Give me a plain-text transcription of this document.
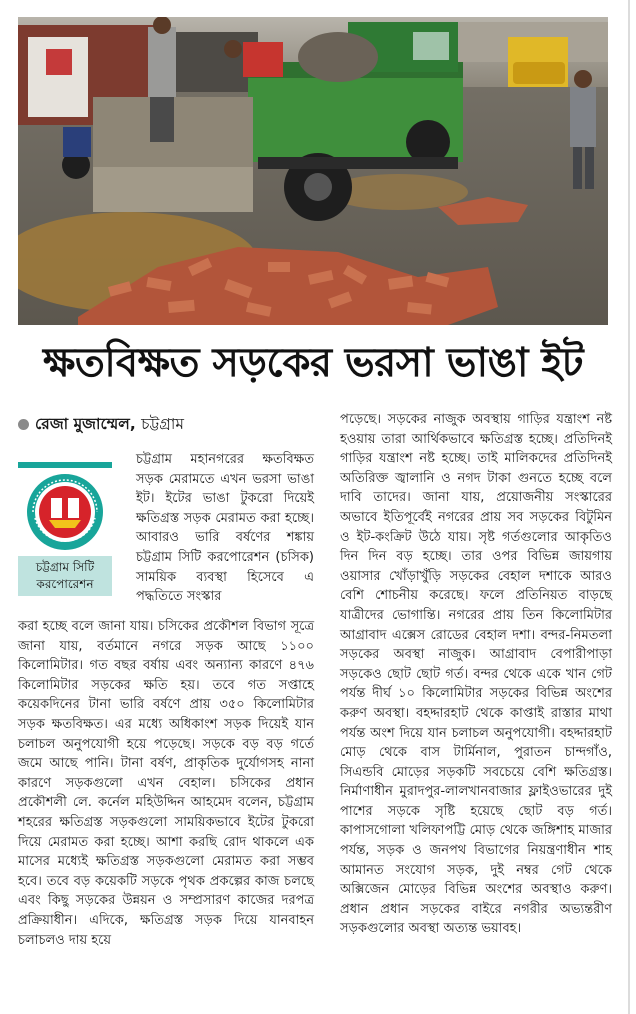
ক্ষতবিক্ষত সড়কের ভরসা ভাঙা ইট
রেজা মুজাম্মেল, চট্টগ্রাম
চট্টগ্রাম সিটি করপোরেশন
চট্টগ্রাম মহানগরের ক্ষতবিক্ষত সড়ক মেরামতে এখন ভরসা ভাঙা ইট। ইটের ভাঙা টুকরো দিয়েই ক্ষতিগ্রস্ত সড়ক মেরামত করা হচ্ছে। আবারও ভারি বর্ষণের শঙ্কায় চট্টগ্রাম সিটি করপোরেশন (চসিক) সাময়িক ব্যবস্থা হিসেবে এ পদ্ধতিতে সংস্কার
করা হচ্ছে বলে জানা যায়। চসিকের প্রকৌশল বিভাগ সূত্রে জানা যায়, বর্তমানে নগরে সড়ক আছে ১১০০ কিলোমিটার। গত বছর বর্ষায় এবং অন্যান্য কারণে ৪৭৬ কিলোমিটার সড়কের ক্ষতি হয়। তবে গত সপ্তাহে কয়েকদিনের টানা ভারি বর্ষণে প্রায় ৩৫০ কিলোমিটার সড়ক ক্ষতবিক্ষত। এর মধ্যে অধিকাংশ সড়ক দিয়েই যান চলাচল অনুপযোগী হয়ে পড়েছে। সড়কে বড় বড় গর্তে জমে আছে পানি। টানা বর্ষণ, প্রাকৃতিক দুর্যোগসহ নানা কারণে সড়কগুলো এখন বেহাল। চসিকের প্রধান প্রকৌশলী লে. কর্নেল মহিউদ্দিন আহমেদ বলেন, চট্টগ্রাম শহরের ক্ষতিগ্রস্ত সড়কগুলো সাময়িকভাবে ইটের টুকরো দিয়ে মেরামত করা হচ্ছে। আশা করছি রোদ থাকলে এক মাসের মধ্যেই ক্ষতিগ্রস্ত সড়কগুলো মেরামত করা সম্ভব হবে। তবে বড় কয়েকটি সড়কে পৃথক প্রকল্পের কাজ চলছে এবং কিছু সড়কের উন্নয়ন ও সম্প্রসারণ কাজের দরপত্র প্রক্রিয়াধীন। এদিকে, ক্ষতিগ্রস্ত সড়ক দিয়ে যানবাহন চলাচলও দায় হয়ে
পড়েছে। সড়কের নাজুক অবস্থায় গাড়ির যন্ত্রাংশ নষ্ট হওয়ায় তারা আর্থিকভাবে ক্ষতিগ্রস্ত হচ্ছে। প্রতিদিনই গাড়ির যন্ত্রাংশ নষ্ট হচ্ছে। তাই মালিকদের প্রতিদিনই অতিরিক্ত জ্বালানি ও নগদ টাকা গুনতে হচ্ছে বলে দাবি তাদের। জানা যায়, প্রয়োজনীয় সংস্কারের অভাবে ইতিপূর্বেই নগরের প্রায় সব সড়কের বিটুমিন ও ইট-কংক্রিট উঠে যায়। সৃষ্ট গর্তগুলোর আকৃতিও দিন দিন বড় হচ্ছে। তার ওপর বিভিন্ন জায়গায় ওয়াসার খোঁড়াখুঁড়ি সড়কের বেহাল দশাকে আরও বেশি শোচনীয় করেছে। ফলে প্রতিনিয়ত বাড়ছে যাত্রীদের ভোগান্তি। নগরের প্রায় তিন কিলোমিটার আগ্রাবাদ এক্সেস রোডের বেহাল দশা। বন্দর-নিমতলা সড়কের অবস্থা নাজুক। আগ্রাবাদ বেপারীপাড়া সড়কেও ছোট ছোট গর্ত। বন্দর থেকে একে খান গেট পর্যন্ত দীর্ঘ ১০ কিলোমিটার সড়কের বিভিন্ন অংশের করুণ অবস্থা। বহদ্দারহাট থেকে কাপ্তাই রাস্তার মাথা পর্যন্ত অংশ দিয়ে যান চলাচল অনুপযোগী। বহদ্দারহাট মোড় থেকে বাস টার্মিনাল, পুরাতন চান্দগাঁও, সিএন্ডবি মোড়ের সড়কটি সবচেয়ে বেশি ক্ষতিগ্রস্ত। নির্মাণাধীন মুরাদপুর-লালখানবাজার ফ্লাইওভারের দুই পাশের সড়কে সৃষ্টি হয়েছে ছোট বড় গর্ত। কাপাসগোলা খলিফাপট্টি মোড় থেকে জঙ্গিশাহ মাজার পর্যন্ত, সড়ক ও জনপথ বিভাগের নিয়ন্ত্রণাধীন শাহ আমানত সংযোগ সড়ক, দুই নম্বর গেট থেকে অক্সিজেন মোড়ের বিভিন্ন অংশের অবস্থাও করুণ। প্রধান প্রধান সড়কের বাইরে নগরীর অভ্যন্তরীণ সড়কগুলোর অবস্থা অত্যন্ত ভয়াবহ।
